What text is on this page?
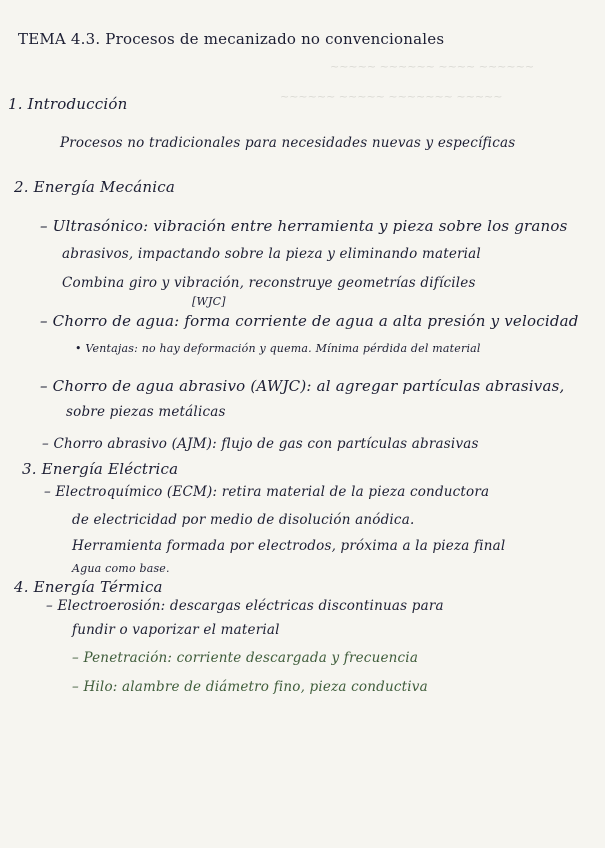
~~~~~ ~~~~~~ ~~~~ ~~~~~~
~~~~~~ ~~~~~ ~~~~~~~ ~~~~~
TEMA 4.3. Procesos de mecanizado no convencionales
1. Introducción
Procesos no tradicionales para necesidades nuevas y específicas
2. Energía Mecánica
– Ultrasónico: vibración entre herramienta y pieza sobre los granos
abrasivos, impactando sobre la pieza y eliminando material
Combina giro y vibración, reconstruye geometrías difíciles
[WJC]
– Chorro de agua: forma corriente de agua a alta presión y velocidad
• Ventajas: no hay deformación y quema. Mínima pérdida del material
– Chorro de agua abrasivo (AWJC): al agregar partículas abrasivas,
sobre piezas metálicas
– Chorro abrasivo (AJM): flujo de gas con partículas abrasivas
3. Energía Eléctrica
– Electroquímico (ECM): retira material de la pieza conductora
de electricidad por medio de disolución anódica.
Herramienta formada por electrodos, próxima a la pieza final
Agua como base.
4. Energía Térmica
– Electroerosión: descargas eléctricas discontinuas para
fundir o vaporizar el material
– Penetración: corriente descargada y frecuencia
– Hilo: alambre de diámetro fino, pieza conductiva
